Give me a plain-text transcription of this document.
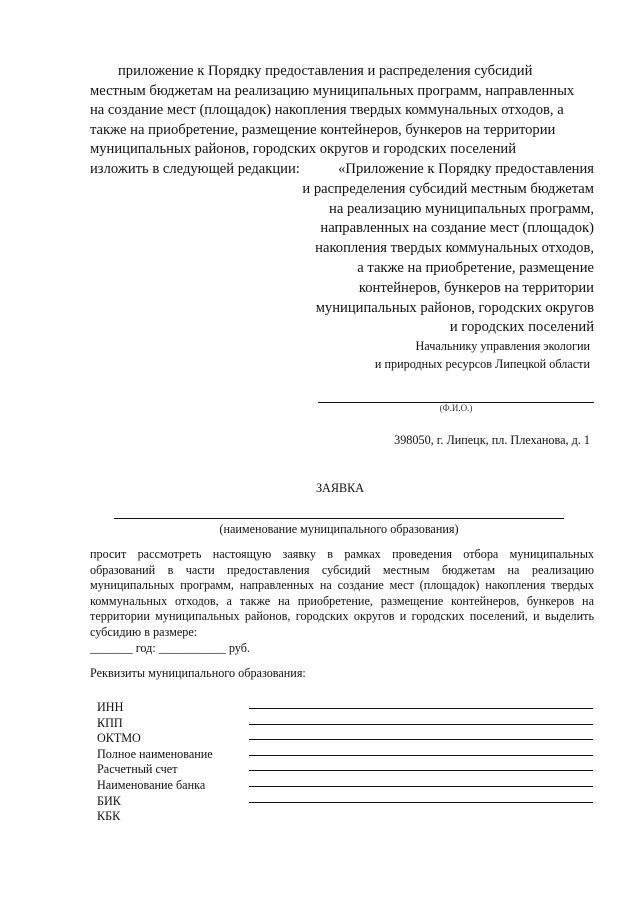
приложение к Порядку предоставления и распределения субсидий
местным бюджетам на реализацию муниципальных программ, направленных
на создание мест (площадок) накопления твердых коммунальных отходов, а
также на приобретение, размещение контейнеров, бункеров на территории
муниципальных районов, городских округов и городских поселений
изложить в следующей редакции:	«Приложение к Порядку предоставления
и распределения субсидий местным бюджетам
на реализацию муниципальных программ,
направленных на создание мест (площадок)
накопления твердых коммунальных отходов,
а также на приобретение, размещение
контейнеров, бункеров на территории
муниципальных районов, городских округов
и городских поселений
Начальнику управления экологии
и природных ресурсов Липецкой области
(Ф.И.О.)
398050, г. Липецк, пл. Плеханова, д. 1
ЗАЯВКА
(наименование муниципального образования)
просит рассмотреть настоящую заявку в рамках проведения отбора муниципальных образований в части предоставления субсидий местным бюджетам на реализацию муниципальных программ, направленных на создание мест (площадок) накопления твердых коммунальных отходов, а также на приобретение, размещение контейнеров, бункеров на территории муниципальных районов, городских округов и городских поселений, и выделить субсидию в размере:
_______ год: ___________ руб.
Реквизиты муниципального образования:
ИНН
КПП
ОКТМО
Полное наименование
Расчетный счет
Наименование банка
БИК
КБК
